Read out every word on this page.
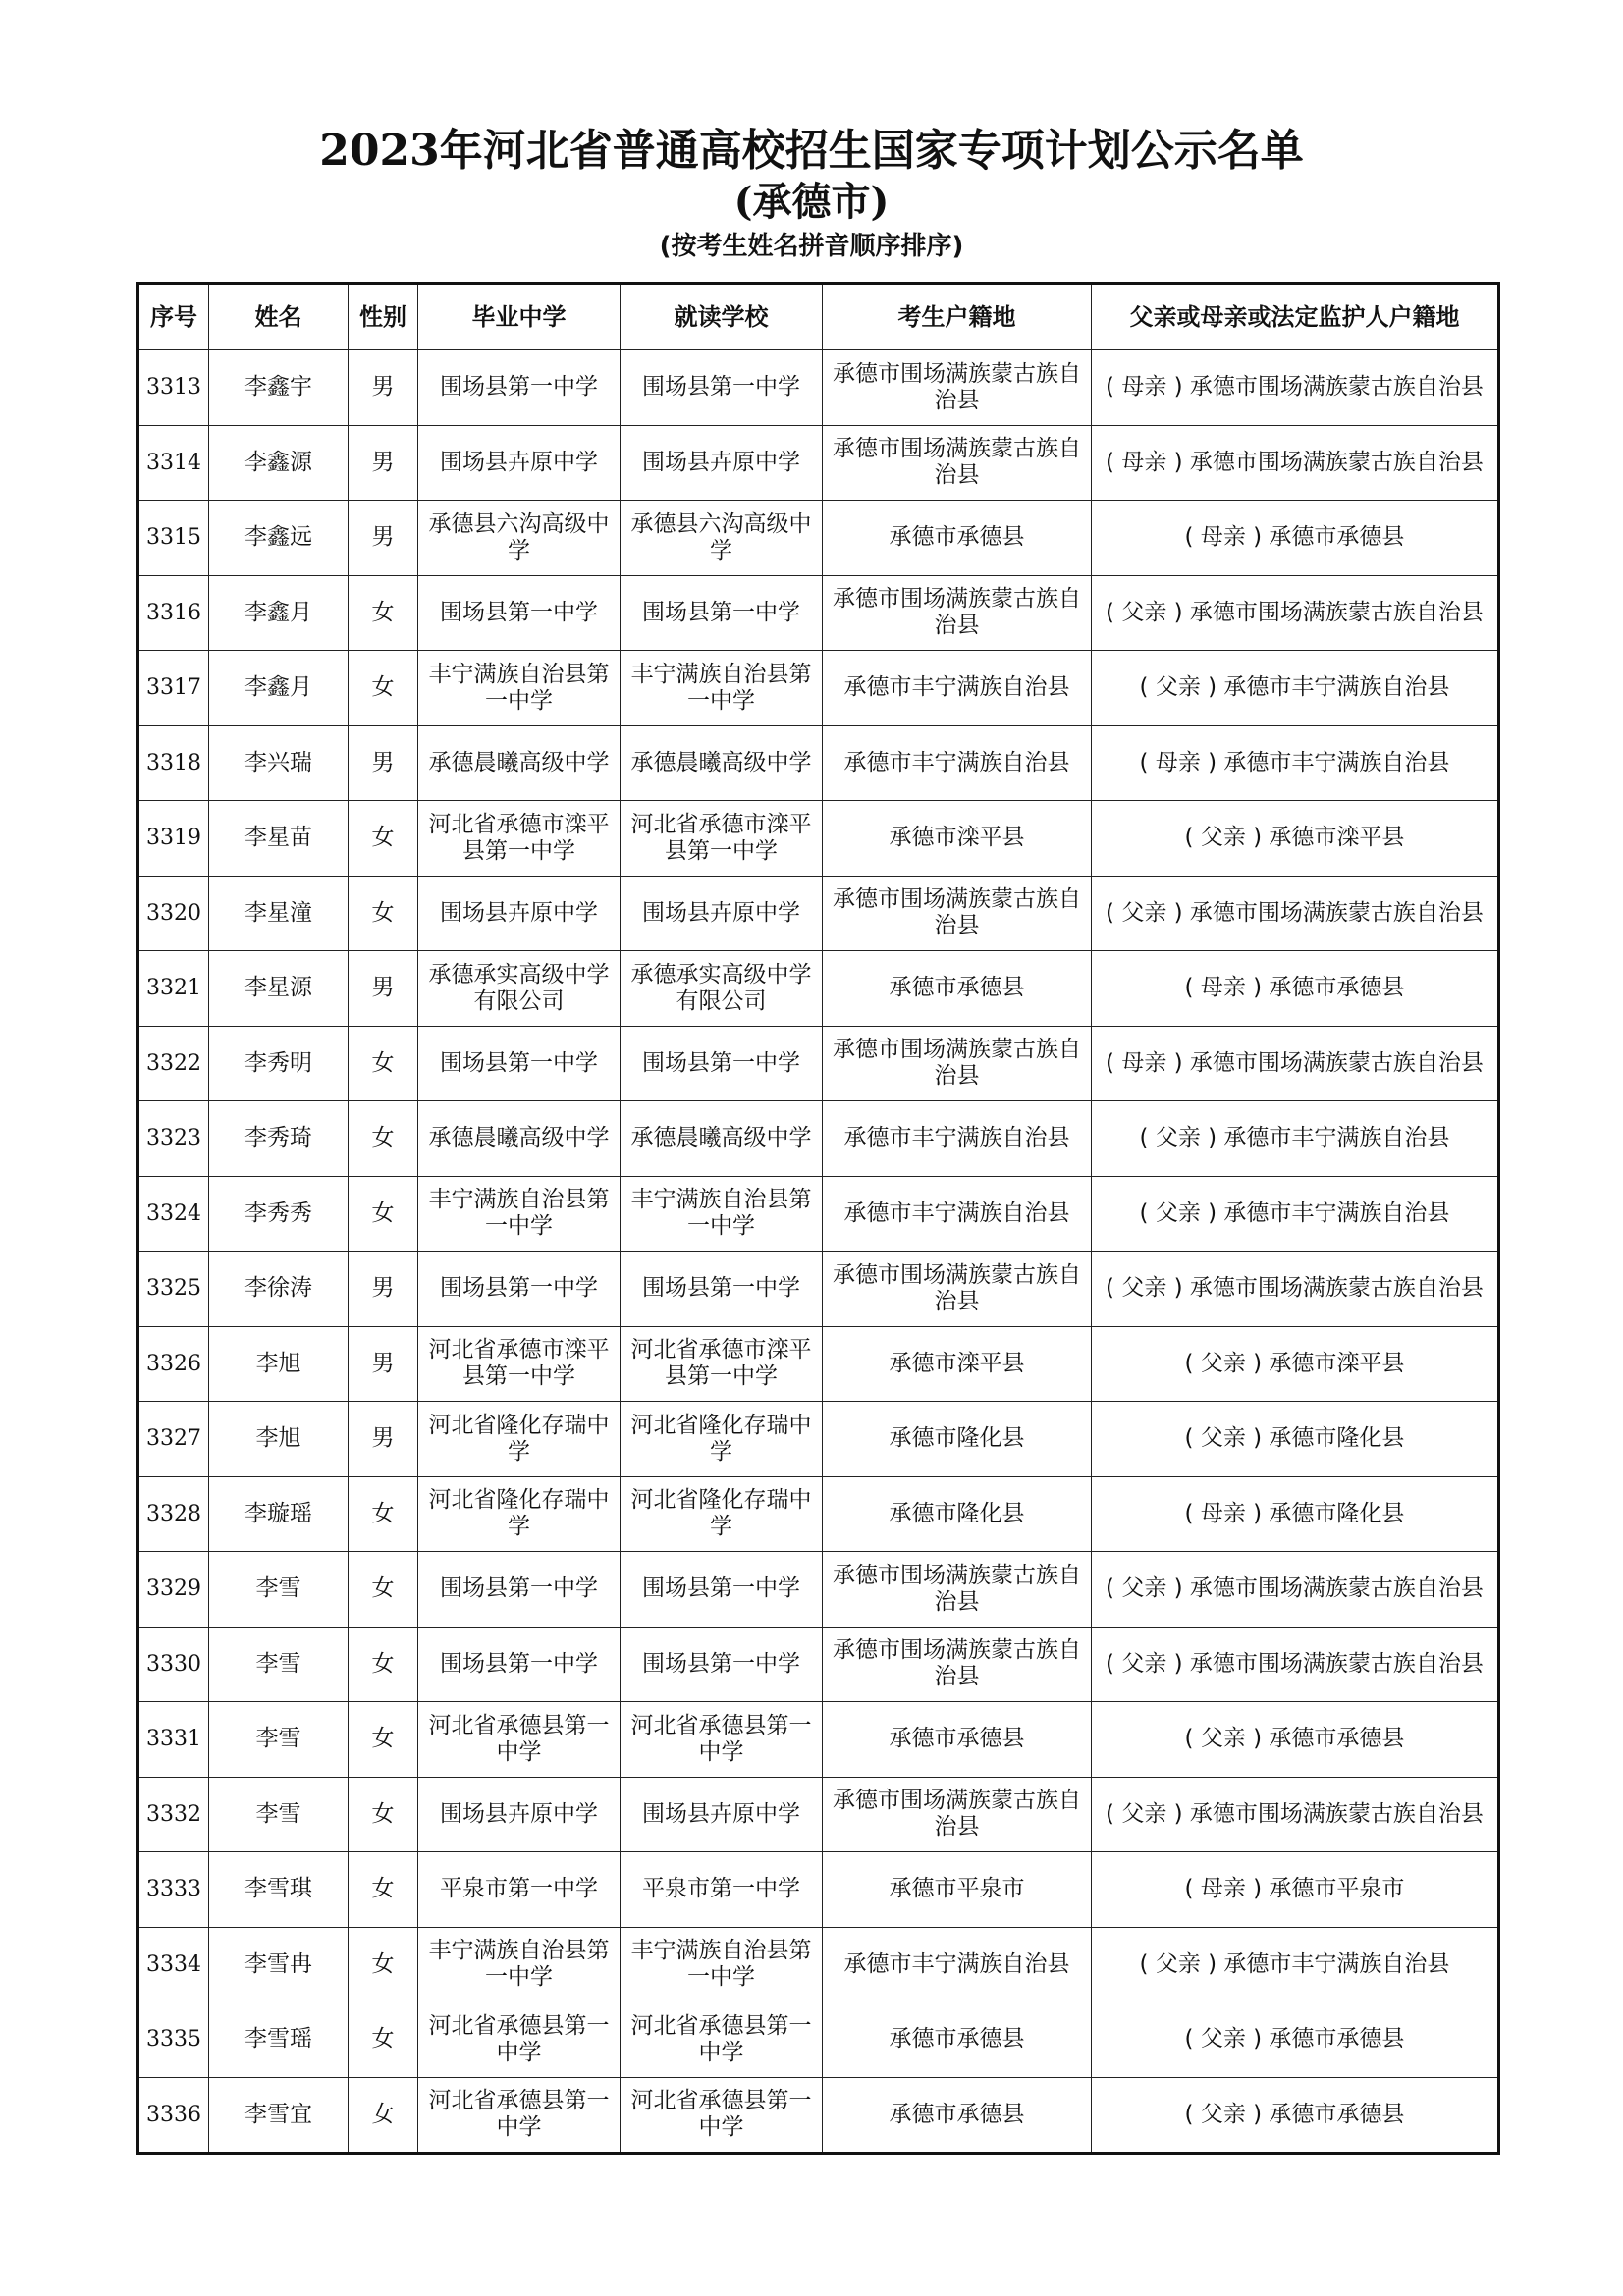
2023年河北省普通高校招生国家专项计划公示名单
(承德市)
(按考生姓名拼音顺序排序)
序号	姓名	性别	毕业中学	就读学校	考生户籍地	父亲或母亲或法定监护人户籍地
3313	李鑫宇	男	围场县第一中学	围场县第一中学	承德市围场满族蒙古族自治县	( 母亲 ) 承德市围场满族蒙古族自治县
3314	李鑫源	男	围场县卉原中学	围场县卉原中学	承德市围场满族蒙古族自治县	( 母亲 ) 承德市围场满族蒙古族自治县
3315	李鑫远	男	承德县六沟高级中学	承德县六沟高级中学	承德市承德县	( 母亲 ) 承德市承德县
3316	李鑫月	女	围场县第一中学	围场县第一中学	承德市围场满族蒙古族自治县	( 父亲 ) 承德市围场满族蒙古族自治县
3317	李鑫月	女	丰宁满族自治县第一中学	丰宁满族自治县第一中学	承德市丰宁满族自治县	( 父亲 ) 承德市丰宁满族自治县
3318	李兴瑞	男	承德晨曦高级中学	承德晨曦高级中学	承德市丰宁满族自治县	( 母亲 ) 承德市丰宁满族自治县
3319	李星苗	女	河北省承德市滦平县第一中学	河北省承德市滦平县第一中学	承德市滦平县	( 父亲 ) 承德市滦平县
3320	李星潼	女	围场县卉原中学	围场县卉原中学	承德市围场满族蒙古族自治县	( 父亲 ) 承德市围场满族蒙古族自治县
3321	李星源	男	承德承实高级中学有限公司	承德承实高级中学有限公司	承德市承德县	( 母亲 ) 承德市承德县
3322	李秀明	女	围场县第一中学	围场县第一中学	承德市围场满族蒙古族自治县	( 母亲 ) 承德市围场满族蒙古族自治县
3323	李秀琦	女	承德晨曦高级中学	承德晨曦高级中学	承德市丰宁满族自治县	( 父亲 ) 承德市丰宁满族自治县
3324	李秀秀	女	丰宁满族自治县第一中学	丰宁满族自治县第一中学	承德市丰宁满族自治县	( 父亲 ) 承德市丰宁满族自治县
3325	李徐涛	男	围场县第一中学	围场县第一中学	承德市围场满族蒙古族自治县	( 父亲 ) 承德市围场满族蒙古族自治县
3326	李旭	男	河北省承德市滦平县第一中学	河北省承德市滦平县第一中学	承德市滦平县	( 父亲 ) 承德市滦平县
3327	李旭	男	河北省隆化存瑞中学	河北省隆化存瑞中学	承德市隆化县	( 父亲 ) 承德市隆化县
3328	李璇瑶	女	河北省隆化存瑞中学	河北省隆化存瑞中学	承德市隆化县	( 母亲 ) 承德市隆化县
3329	李雪	女	围场县第一中学	围场县第一中学	承德市围场满族蒙古族自治县	( 父亲 ) 承德市围场满族蒙古族自治县
3330	李雪	女	围场县第一中学	围场县第一中学	承德市围场满族蒙古族自治县	( 父亲 ) 承德市围场满族蒙古族自治县
3331	李雪	女	河北省承德县第一中学	河北省承德县第一中学	承德市承德县	( 父亲 ) 承德市承德县
3332	李雪	女	围场县卉原中学	围场县卉原中学	承德市围场满族蒙古族自治县	( 父亲 ) 承德市围场满族蒙古族自治县
3333	李雪琪	女	平泉市第一中学	平泉市第一中学	承德市平泉市	( 母亲 ) 承德市平泉市
3334	李雪冉	女	丰宁满族自治县第一中学	丰宁满族自治县第一中学	承德市丰宁满族自治县	( 父亲 ) 承德市丰宁满族自治县
3335	李雪瑶	女	河北省承德县第一中学	河北省承德县第一中学	承德市承德县	( 父亲 ) 承德市承德县
3336	李雪宜	女	河北省承德县第一中学	河北省承德县第一中学	承德市承德县	( 父亲 ) 承德市承德县
